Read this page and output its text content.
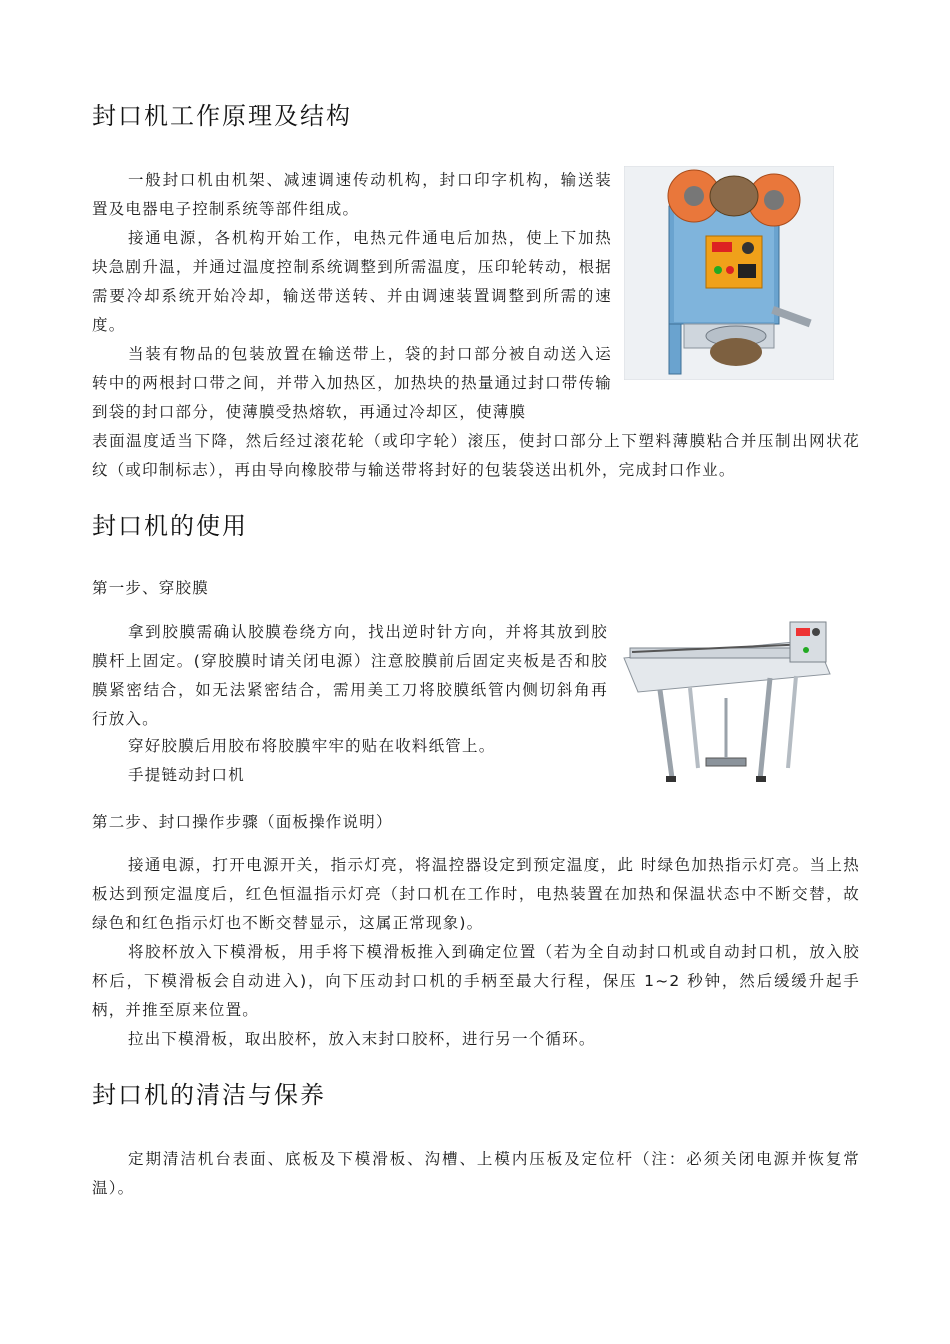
封口机工作原理及结构

一般封口机由机架、减速调速传动机构，封口印字机构，输送装置及电器电子控制系统等部件组成。

接通电源，各机构开始工作，电热元件通电后加热，使上下加热块急剧升温，并通过温度控制系统调整到所需温度，压印轮转动，根据需要冷却系统开始冷却，输送带送转、并由调速装置调整到所需的速度。

当装有物品的包装放置在输送带上，袋的封口部分被自动送入运转中的两根封口带之间，并带入加热区，加热块的热量通过封口带传输到袋的封口部分，使薄膜受热熔软，再通过冷却区，使薄膜

表面温度适当下降，然后经过滚花轮（或印字轮）滚压，使封口部分上下塑料薄膜粘合并压制出网状花纹（或印制标志），再由导向橡胶带与输送带将封好的包装袋送出机外，完成封口作业。

封口机的使用

第一步、穿胶膜

拿到胶膜需确认胶膜卷绕方向，找出逆时针方向，并将其放到胶膜杆上固定。(穿胶膜时请关闭电源）注意胶膜前后固定夹板是否和胶膜紧密结合，如无法紧密结合，需用美工刀将胶膜纸管内侧切斜角再行放入。

穿好胶膜后用胶布将胶膜牢牢的贴在收料纸管上。

手提链动封口机

第二步、封口操作步骤（面板操作说明）

接通电源，打开电源开关，指示灯亮，将温控器设定到预定温度，此 时绿色加热指示灯亮。当上热板达到预定温度后，红色恒温指示灯亮（封口机在工作时，电热装置在加热和保温状态中不断交替，故绿色和红色指示灯也不断交替显示，这属正常现象)。

将胶杯放入下模滑板，用手将下模滑板推入到确定位置（若为全自动封口机或自动封口机，放入胶杯后，下模滑板会自动进入)，向下压动封口机的手柄至最大行程，保压 1~2 秒钟，然后缓缓升起手柄，并推至原来位置。

拉出下模滑板，取出胶杯，放入末封口胶杯，进行另一个循环。

封口机的清洁与保养

定期清洁机台表面、底板及下模滑板、沟槽、上模内压板及定位杆（注：必须关闭电源并恢复常温）。
